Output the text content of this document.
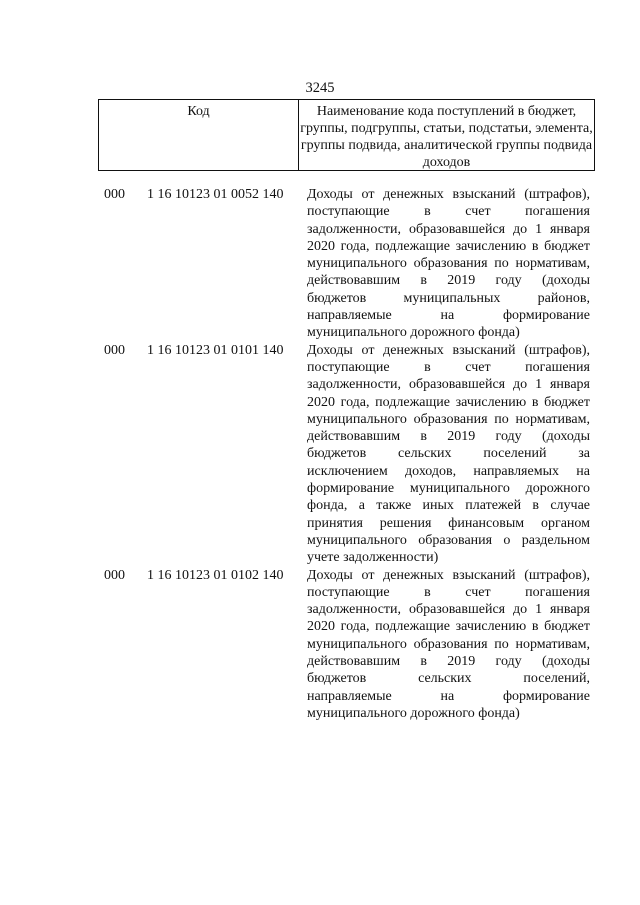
3245
Код	Наименование кода поступлений в бюджет, группы, подгруппы, статьи, подстатьи, элемента, группы подвида, аналитической группы подвида доходов
000	1 16 10123 01 0052 140	Доходы от денежных взысканий (штрафов),
поступающие в счет погашения
задолженности, образовавшейся до 1 января
2020 года, подлежащие зачислению в бюджет
муниципального образования по нормативам,
действовавшим в 2019 году (доходы
бюджетов муниципальных районов,
направляемые на формирование
муниципального дорожного фонда)
000	1 16 10123 01 0101 140	Доходы от денежных взысканий (штрафов),
поступающие в счет погашения
задолженности, образовавшейся до 1 января
2020 года, подлежащие зачислению в бюджет
муниципального образования по нормативам,
действовавшим в 2019 году (доходы
бюджетов сельских поселений за
исключением доходов, направляемых на
формирование муниципального дорожного
фонда, а также иных платежей в случае
принятия решения финансовым органом
муниципального образования о раздельном
учете задолженности)
000	1 16 10123 01 0102 140	Доходы от денежных взысканий (штрафов),
поступающие в счет погашения
задолженности, образовавшейся до 1 января
2020 года, подлежащие зачислению в бюджет
муниципального образования по нормативам,
действовавшим в 2019 году (доходы
бюджетов сельских поселений,
направляемые на формирование
муниципального дорожного фонда)
